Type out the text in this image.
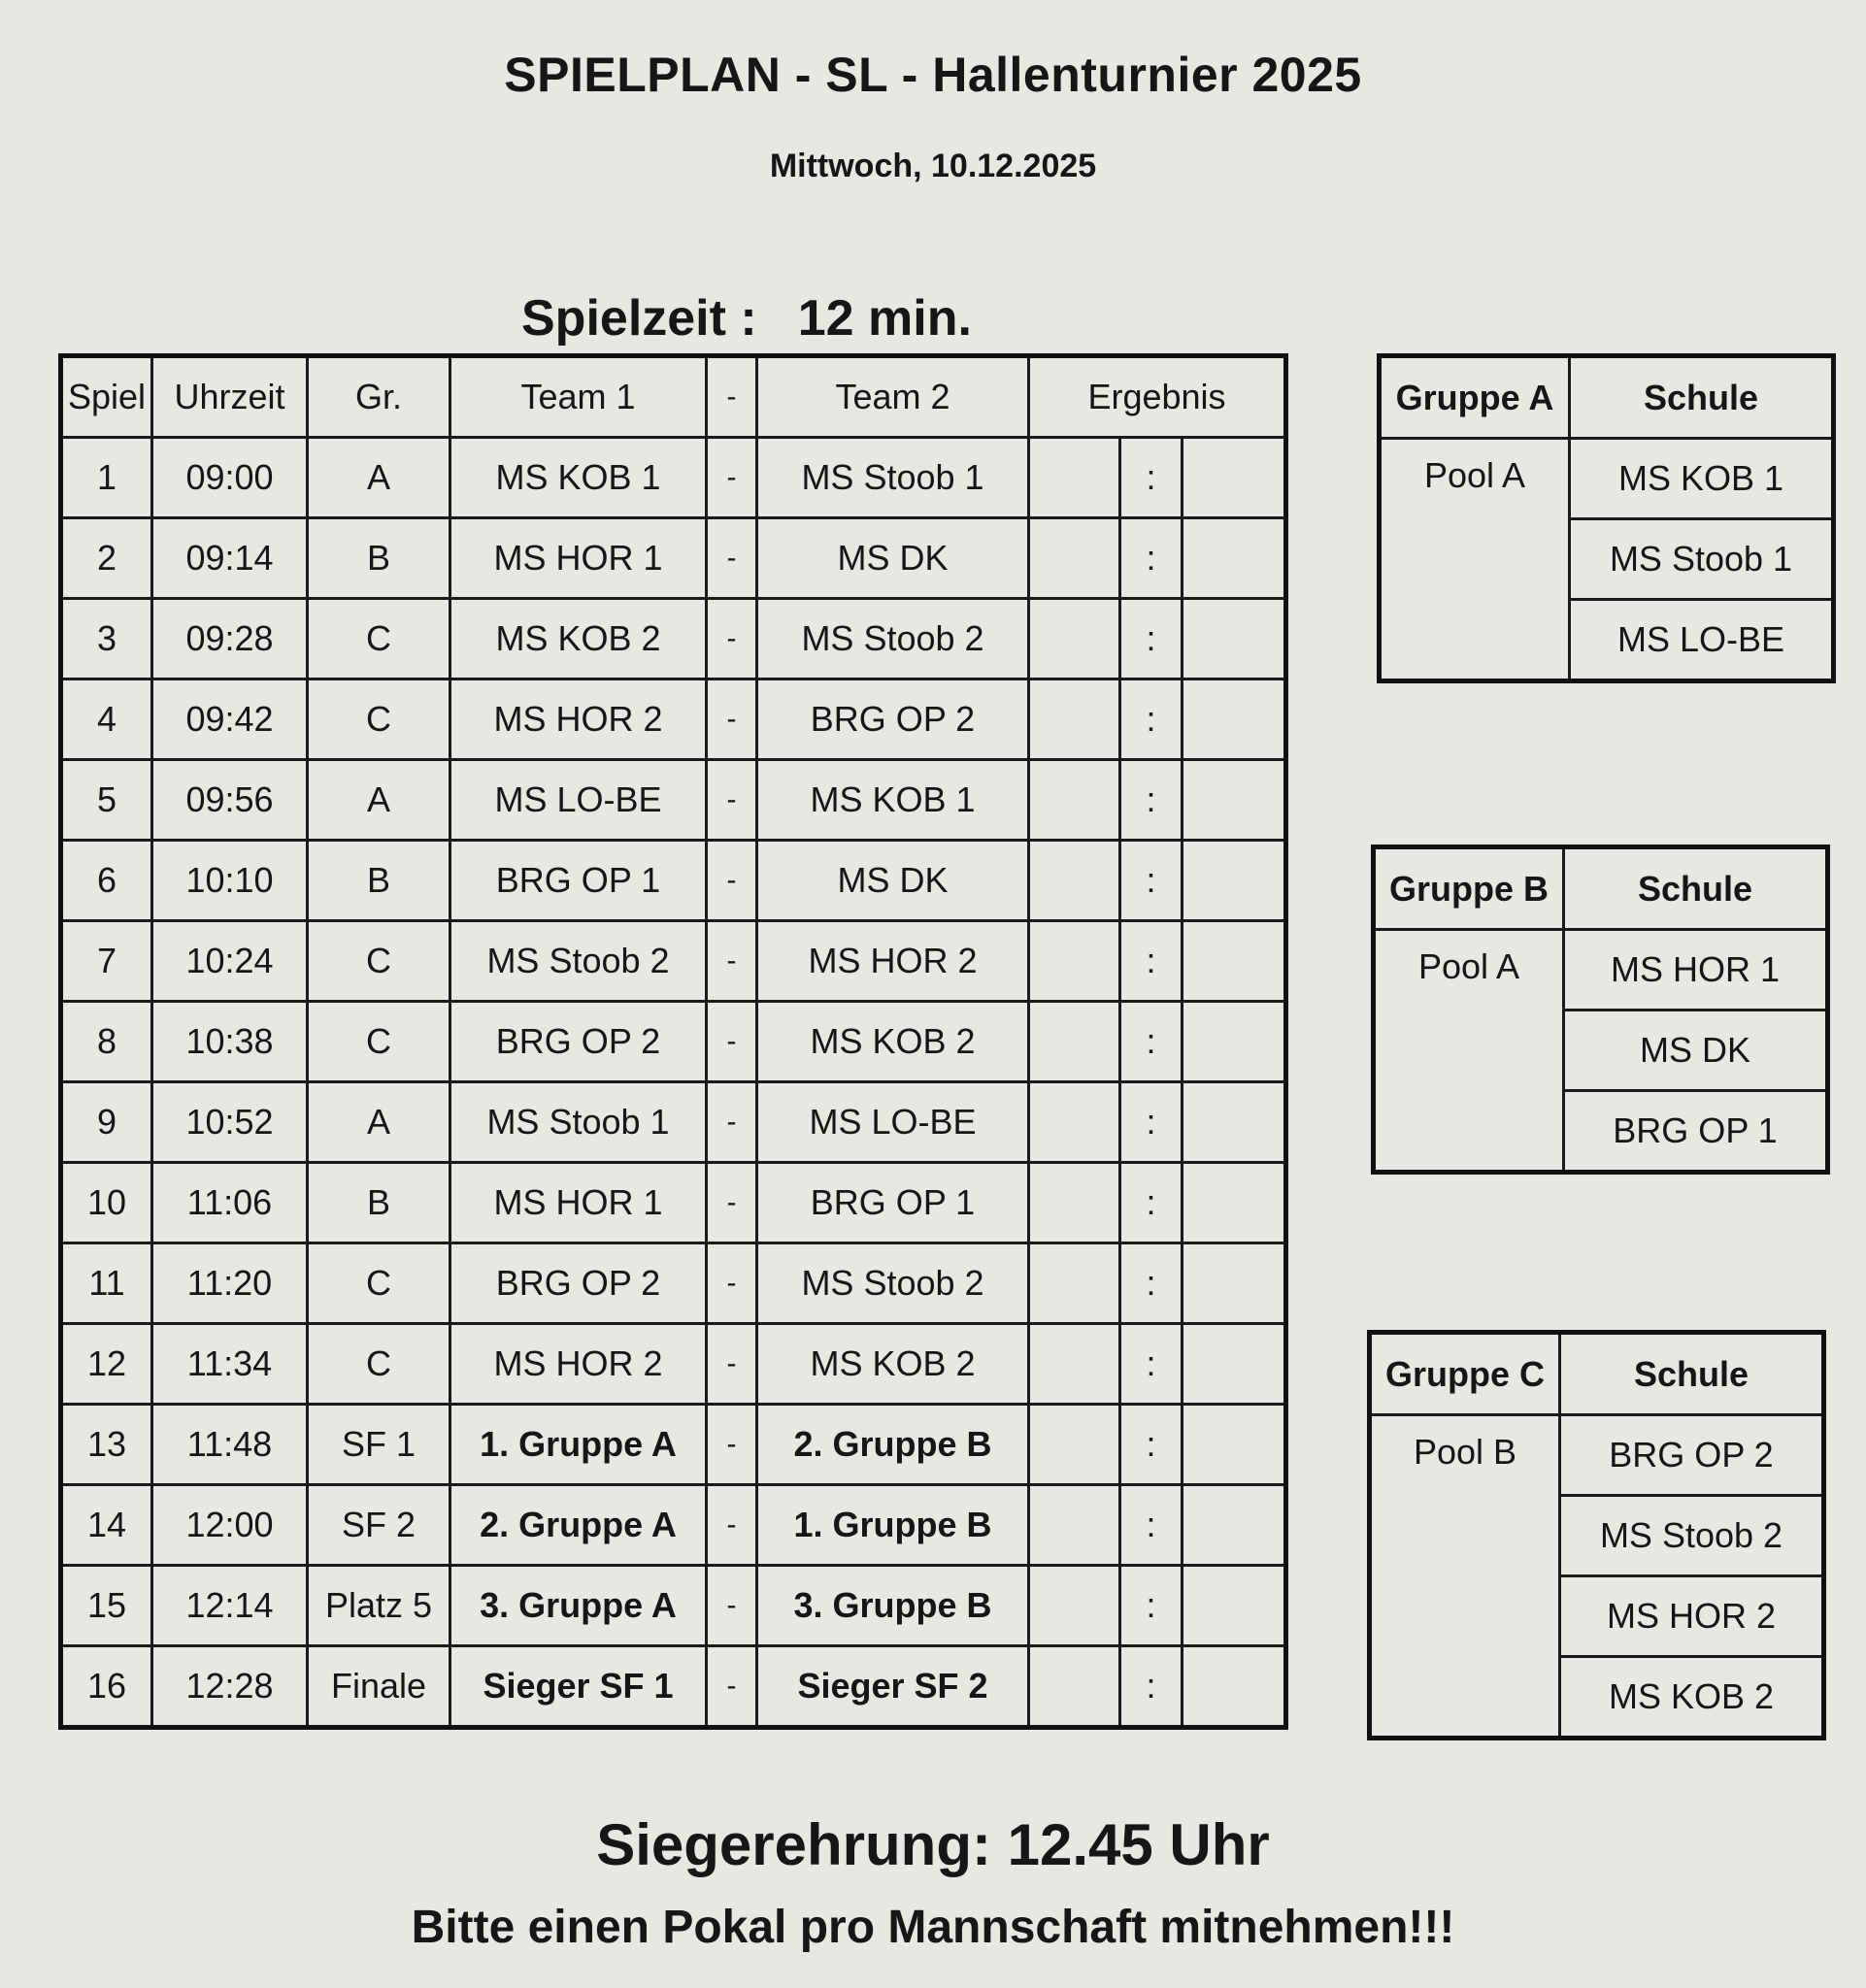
SPIELPLAN - SL - Hallenturnier 2025
Mittwoch, 10.12.2025
Spielzeit : 12 min.
Spiel	Uhrzeit	Gr.	Team 1	-	Team 2	Ergebnis		
1	09:00	A	MS KOB 1	-	MS Stoob 1		:	
2	09:14	B	MS HOR 1	-	MS DK		:	
3	09:28	C	MS KOB 2	-	MS Stoob 2		:	
4	09:42	C	MS HOR 2	-	BRG OP 2		:	
5	09:56	A	MS LO-BE	-	MS KOB 1		:	
6	10:10	B	BRG OP 1	-	MS DK		:	
7	10:24	C	MS Stoob 2	-	MS HOR 2		:	
8	10:38	C	BRG OP 2	-	MS KOB 2		:	
9	10:52	A	MS Stoob 1	-	MS LO-BE		:	
10	11:06	B	MS HOR 1	-	BRG OP 1		:	
11	11:20	C	BRG OP 2	-	MS Stoob 2		:	
12	11:34	C	MS HOR 2	-	MS KOB 2		:	
13	11:48	SF 1	1. Gruppe A	-	2. Gruppe B		:	
14	12:00	SF 2	2. Gruppe A	-	1. Gruppe B		:	
15	12:14	Platz 5	3. Gruppe A	-	3. Gruppe B		:	
16	12:28	Finale	Sieger SF 1	-	Sieger SF 2		:	
Gruppe A	Schule
Pool A	MS KOB 1
	MS Stoob 1
	MS LO-BE
Gruppe B	Schule
Pool A	MS HOR 1
	MS DK
	BRG OP 1
Gruppe C	Schule
Pool B	BRG OP 2
	MS Stoob 2
	MS HOR 2
	MS KOB 2
Siegerehrung: 12.45 Uhr
Bitte einen Pokal pro Mannschaft mitnehmen!!!
